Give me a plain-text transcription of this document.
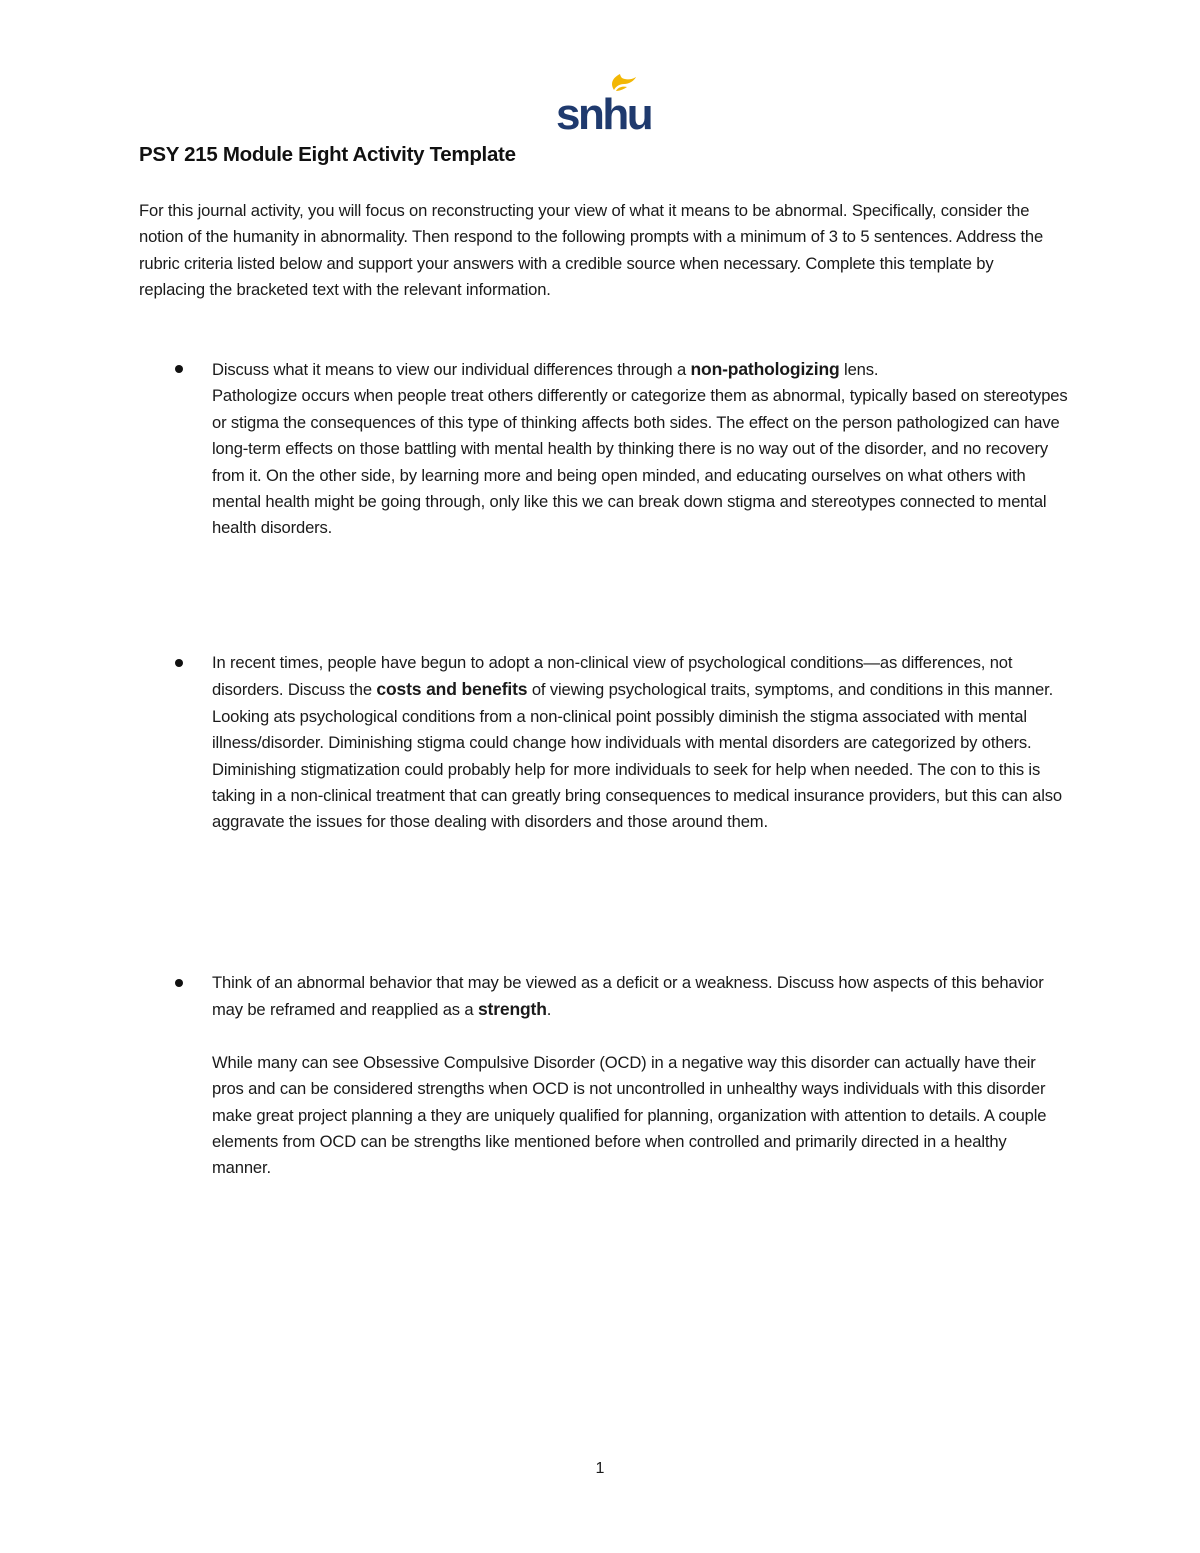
snhu
PSY 215 Module Eight Activity Template

For this journal activity, you will focus on reconstructing your view of what it means to be abnormal. Specifically, consider the notion of the humanity in abnormality. Then respond to the following prompts with a minimum of 3 to 5 sentences. Address the rubric criteria listed below and support your answers with a credible source when necessary. Complete this template by replacing the bracketed text with the relevant information.

Discuss what it means to view our individual differences through a non-pathologizing lens.

Pathologize occurs when people treat others differently or categorize them as abnormal, typically based on stereotypes or stigma the consequences of this type of thinking affects both sides. The effect on the person pathologized can have long-term effects on those battling with mental health by thinking there is no way out of the disorder, and no recovery from it. On the other side, by learning more and being open minded, and educating ourselves on what others with mental health might be going through, only like this we can break down stigma and stereotypes connected to mental health disorders.

In recent times, people have begun to adopt a non-clinical view of psychological conditions—as differences, not disorders. Discuss the costs and benefits of viewing psychological traits, symptoms, and conditions in this manner.

Looking ats psychological conditions from a non-clinical point possibly diminish the stigma associated with mental illness/disorder. Diminishing stigma could change how individuals with mental disorders are categorized by others. Diminishing stigmatization could probably help for more individuals to seek for help when needed. The con to this is taking in a non-clinical treatment that can greatly bring consequences to medical insurance providers, but this can also aggravate the issues for those dealing with disorders and those around them.

Think of an abnormal behavior that may be viewed as a deficit or a weakness. Discuss how aspects of this behavior may be reframed and reapplied as a strength.

While many can see Obsessive Compulsive Disorder (OCD) in a negative way this disorder can actually have their pros and can be considered strengths when OCD is not uncontrolled in unhealthy ways individuals with this disorder make great project planning a they are uniquely qualified for planning, organization with attention to details. A couple elements from OCD can be strengths like mentioned before when controlled and primarily directed in a healthy manner.
1
